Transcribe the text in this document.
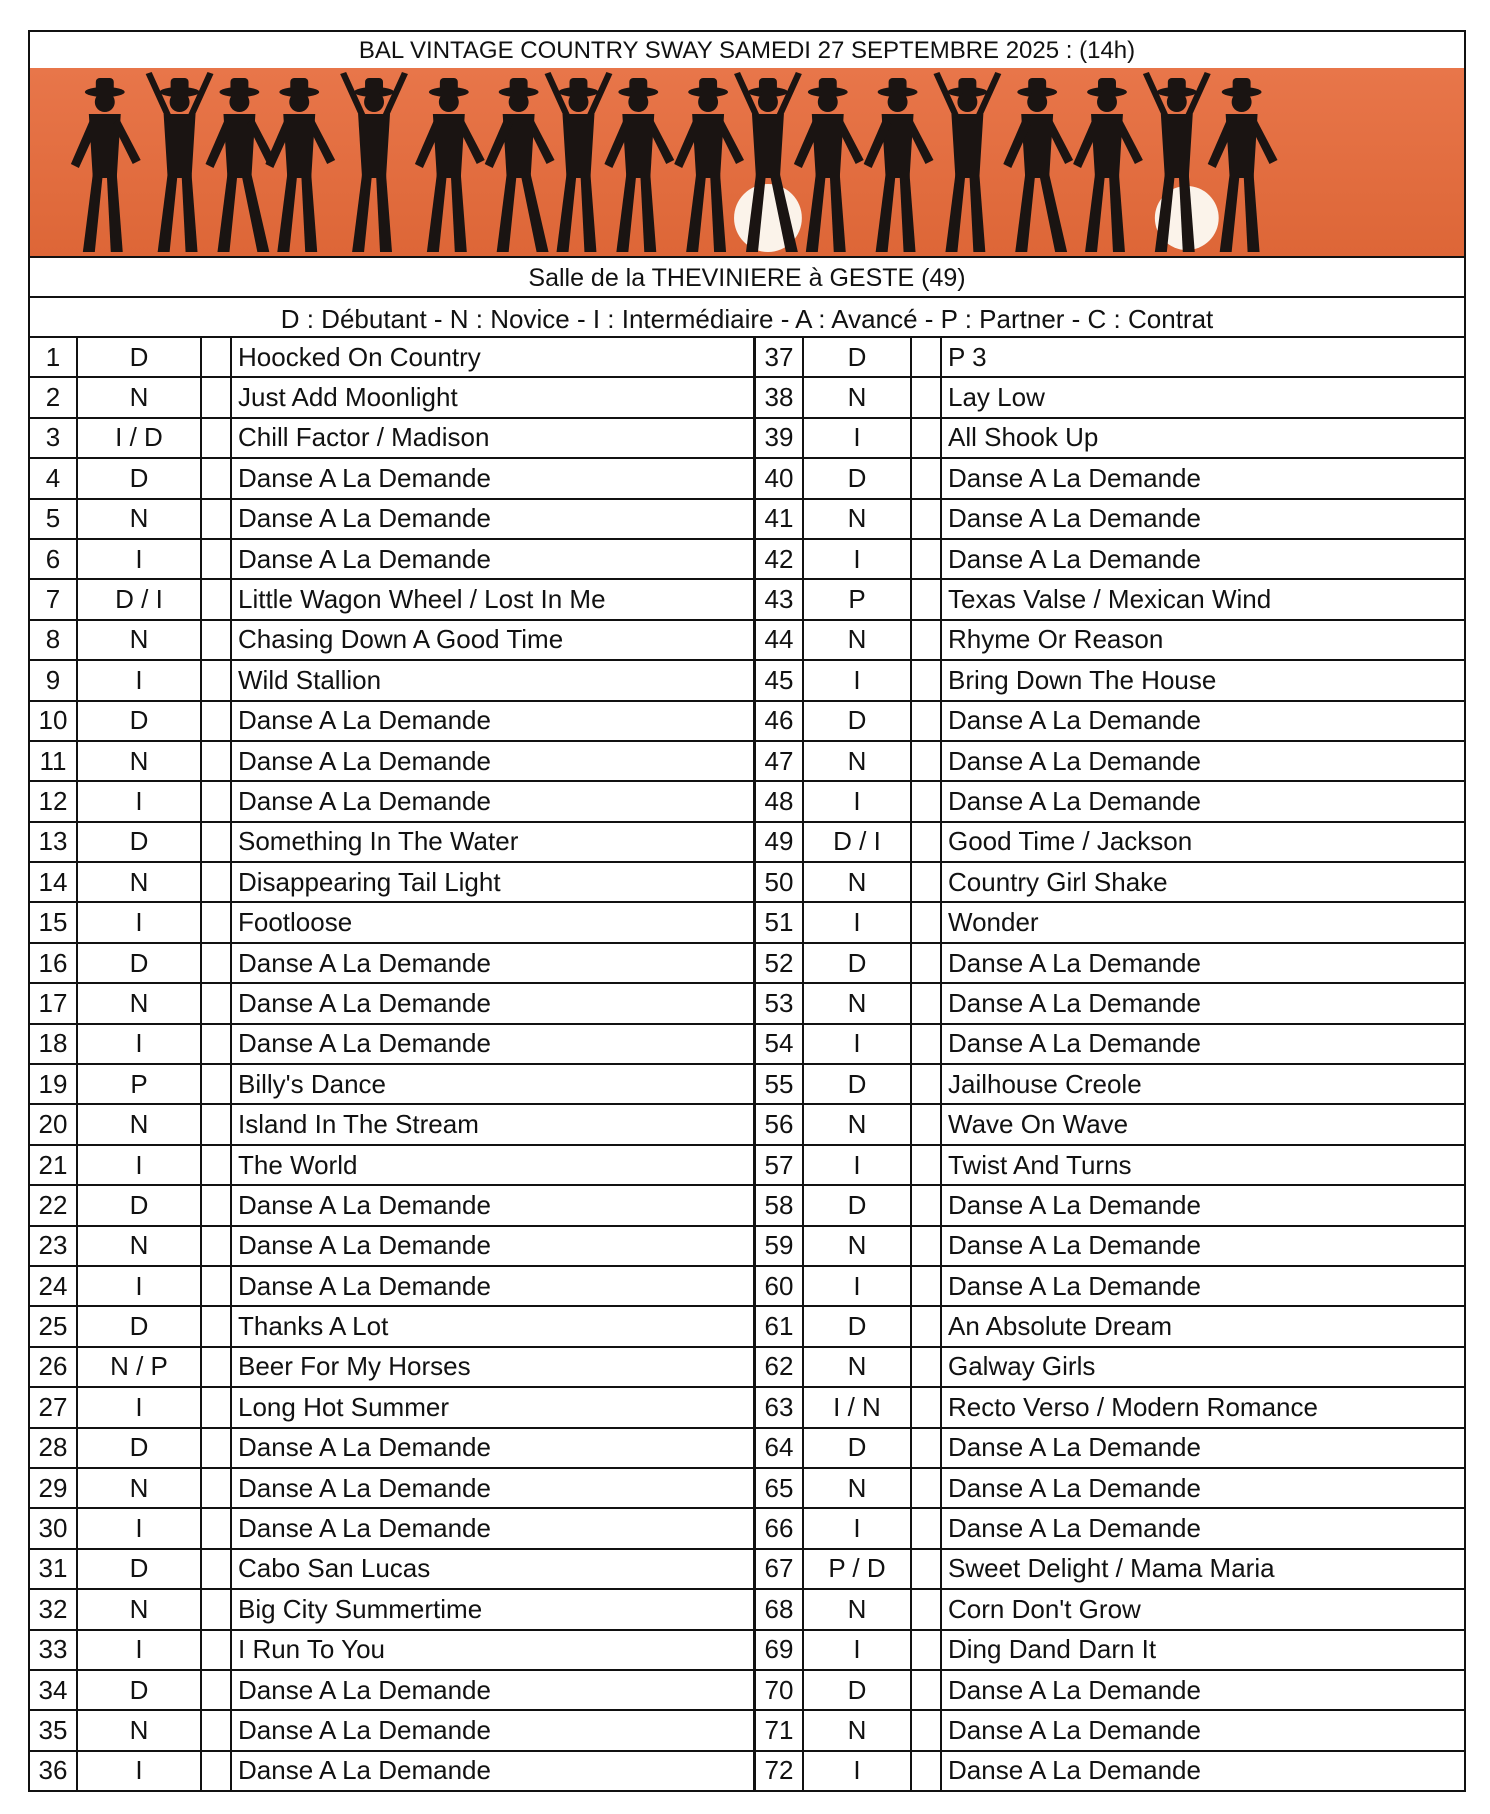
BAL VINTAGE COUNTRY SWAY SAMEDI 27 SEPTEMBRE 2025 : (14h)
Salle de la THEVINIERE à GESTE (49)
D : Débutant - N : Novice - I : Intermédiaire - A : Avancé - P : Partner - C : Contrat
1	D	Hoocked On Country	37	D	P 3
2	N	Just Add Moonlight	38	N	Lay Low
3	I / D	Chill Factor / Madison	39	I	All Shook Up
4	D	Danse A La Demande	40	D	Danse A La Demande
5	N	Danse A La Demande	41	N	Danse A La Demande
6	I	Danse A La Demande	42	I	Danse A La Demande
7	D / I	Little Wagon Wheel / Lost In Me	43	P	Texas Valse / Mexican Wind
8	N	Chasing Down A Good Time	44	N	Rhyme Or Reason
9	I	Wild Stallion	45	I	Bring Down The House
10	D	Danse A La Demande	46	D	Danse A La Demande
11	N	Danse A La Demande	47	N	Danse A La Demande
12	I	Danse A La Demande	48	I	Danse A La Demande
13	D	Something In The Water	49	D / I	Good Time / Jackson
14	N	Disappearing Tail Light	50	N	Country Girl Shake
15	I	Footloose	51	I	Wonder
16	D	Danse A La Demande	52	D	Danse A La Demande
17	N	Danse A La Demande	53	N	Danse A La Demande
18	I	Danse A La Demande	54	I	Danse A La Demande
19	P	Billy's Dance	55	D	Jailhouse Creole
20	N	Island In The Stream	56	N	Wave On Wave
21	I	The World	57	I	Twist And Turns
22	D	Danse A La Demande	58	D	Danse A La Demande
23	N	Danse A La Demande	59	N	Danse A La Demande
24	I	Danse A La Demande	60	I	Danse A La Demande
25	D	Thanks A Lot	61	D	An Absolute Dream
26	N / P	Beer For My Horses	62	N	Galway Girls
27	I	Long Hot Summer	63	I / N	Recto Verso / Modern Romance
28	D	Danse A La Demande	64	D	Danse A La Demande
29	N	Danse A La Demande	65	N	Danse A La Demande
30	I	Danse A La Demande	66	I	Danse A La Demande
31	D	Cabo San Lucas	67	P / D	Sweet Delight / Mama Maria
32	N	Big City Summertime	68	N	Corn Don't Grow
33	I	I Run To You	69	I	Ding Dand Darn It
34	D	Danse A La Demande	70	D	Danse A La Demande
35	N	Danse A La Demande	71	N	Danse A La Demande
36	I	Danse A La Demande	72	I	Danse A La Demande
